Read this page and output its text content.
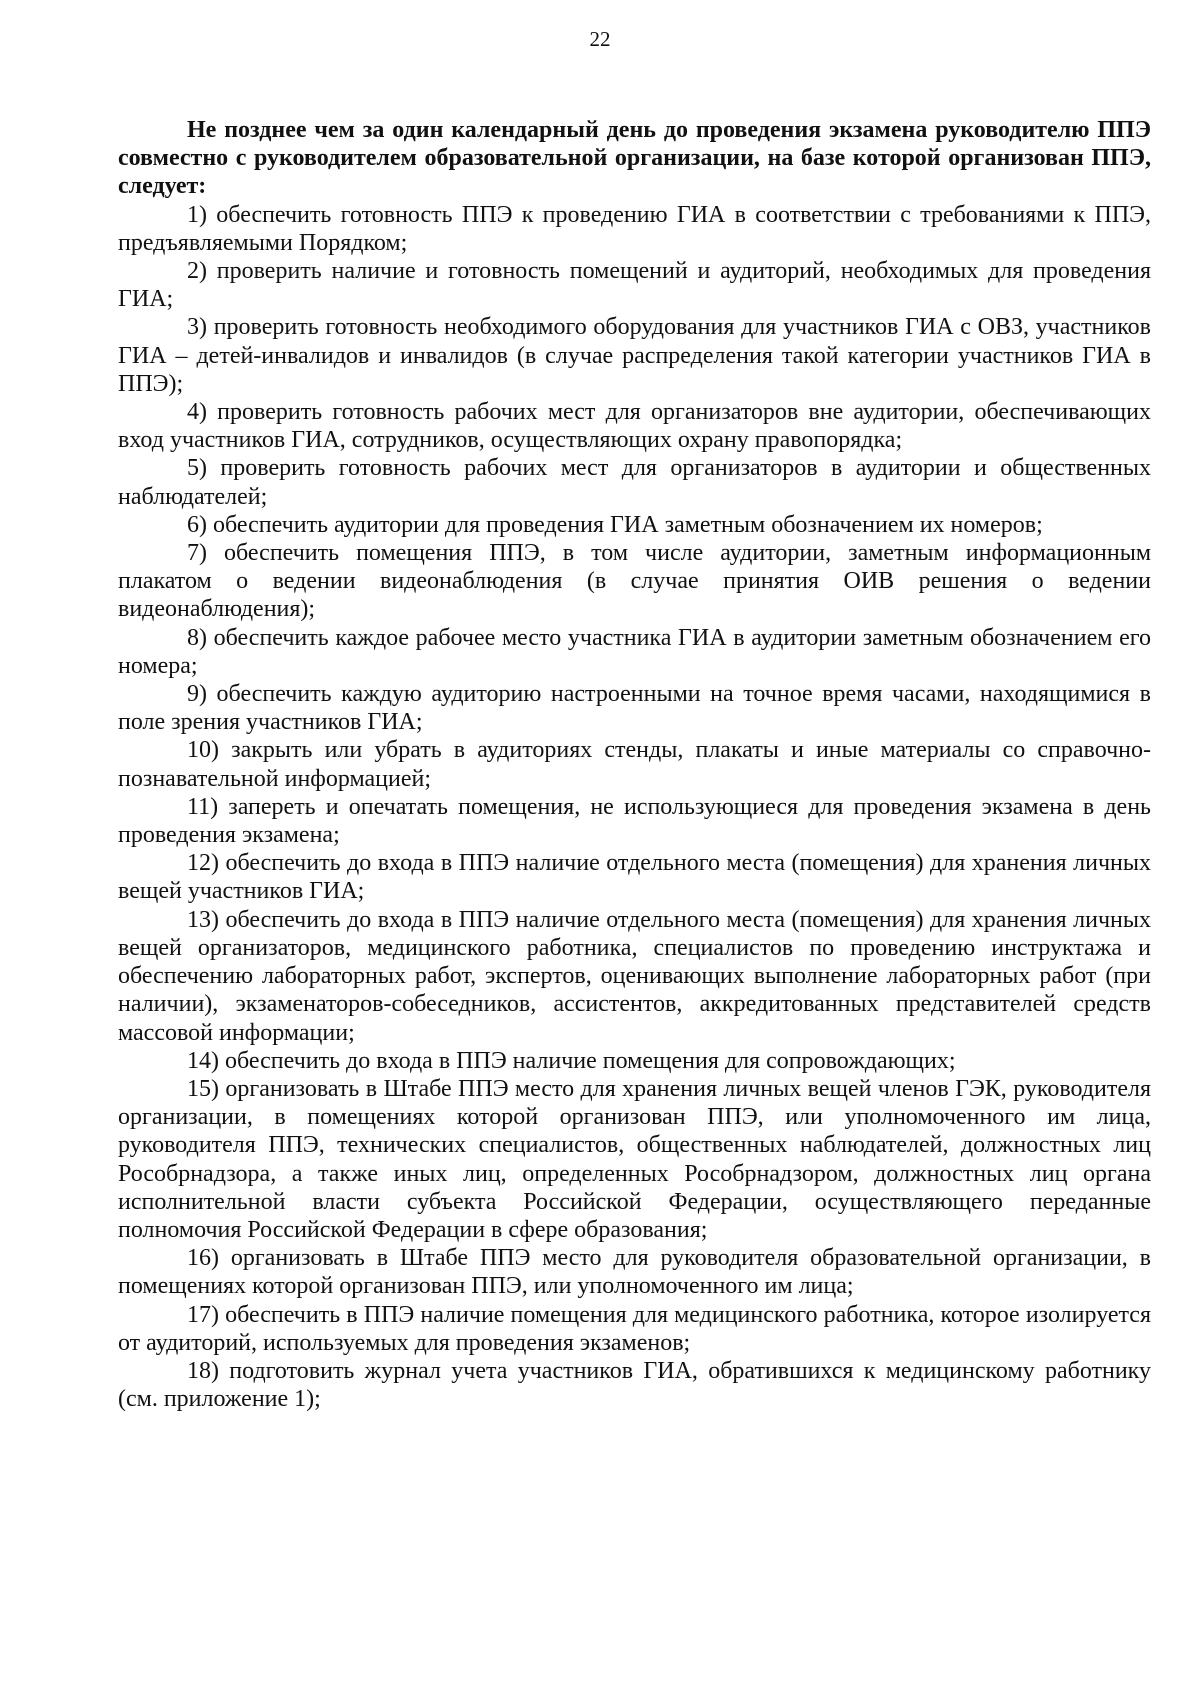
22

Не позднее чем за один календарный день до проведения экзамена руководителю ППЭ совместно с руководителем образовательной организации, на базе которой организован ППЭ, следует:

1) обеспечить готовность ППЭ к проведению ГИА в соответствии с требованиями к ППЭ, предъявляемыми Порядком;

2) проверить наличие и готовность помещений и аудиторий, необходимых для проведения ГИА;

3) проверить готовность необходимого оборудования для участников ГИА с ОВЗ, участников ГИА – детей-инвалидов и инвалидов (в случае распределения такой категории участников ГИА в ППЭ);

4) проверить готовность рабочих мест для организаторов вне аудитории, обеспечивающих вход участников ГИА, сотрудников, осуществляющих охрану правопорядка;

5) проверить готовность рабочих мест для организаторов в аудитории и общественных наблюдателей;

6) обеспечить аудитории для проведения ГИА заметным обозначением их номеров;

7) обеспечить помещения ППЭ, в том числе аудитории, заметным информационным плакатом о ведении видеонаблюдения (в случае принятия ОИВ решения о ведении видеонаблюдения);

8) обеспечить каждое рабочее место участника ГИА в аудитории заметным обозначением его номера;

9) обеспечить каждую аудиторию настроенными на точное время часами, находящимися в поле зрения участников ГИА;

10) закрыть или убрать в аудиториях стенды, плакаты и иные материалы со справочно-познавательной информацией;

11) запереть и опечатать помещения, не использующиеся для проведения экзамена в день проведения экзамена;

12) обеспечить до входа в ППЭ наличие отдельного места (помещения) для хранения личных вещей участников ГИА;

13) обеспечить до входа в ППЭ наличие отдельного места (помещения) для хранения личных вещей организаторов, медицинского работника, специалистов по проведению инструктажа и обеспечению лабораторных работ, экспертов, оценивающих выполнение лабораторных работ (при наличии), экзаменаторов-собеседников, ассистентов, аккредитованных представителей средств массовой информации;

14) обеспечить до входа в ППЭ наличие помещения для сопровождающих;

15) организовать в Штабе ППЭ место для хранения личных вещей членов ГЭК, руководителя организации, в помещениях которой организован ППЭ, или уполномоченного им лица, руководителя ППЭ, технических специалистов, общественных наблюдателей, должностных лиц Рособрнадзора, а также иных лиц, определенных Рособрнадзором, должностных лиц органа исполнительной власти субъекта Российской Федерации, осуществляющего переданные полномочия Российской Федерации в сфере образования;

16) организовать в Штабе ППЭ место для руководителя образовательной организации, в помещениях которой организован ППЭ, или уполномоченного им лица;

17) обеспечить в ППЭ наличие помещения для медицинского работника, которое изолируется от аудиторий, используемых для проведения экзаменов;

18) подготовить журнал учета участников ГИА, обратившихся к медицинскому работнику (см. приложение 1);
